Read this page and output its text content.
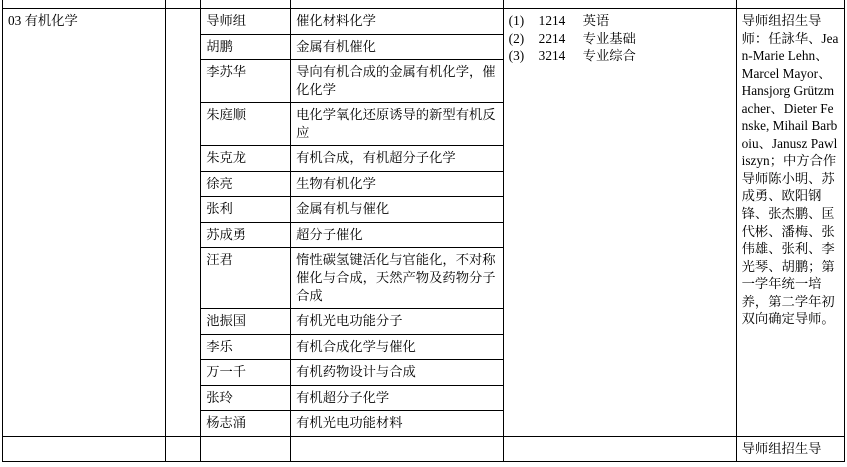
03 有机化学		导师组	催化材料化学	(1) 1214 英语
(2) 2214 专业基础
(3) 3214 专业综合	导师组招生导师：任詠华、Jean-Marie Lehn、 Marcel Mayor、Hansjorg Grützmacher、Dieter Fenske, Mihail Barboiu、Janusz Pawliszyn；中方合作导师陈小明、苏成勇、欧阳钢锋、张杰鹏、匡代彬、潘梅、张伟雄、张利、李光琴、胡鹏；第一学年统一培养，第二学年初双向确定导师。
		胡鹏	金属有机催化		
		李苏华	导向有机合成的金属有机化学，催化化学		
		朱庭顺	电化学氧化还原诱导的新型有机反应		
		朱克龙	有机合成，有机超分子化学		
		徐亮	生物有机化学		
		张利	金属有机与催化		
		苏成勇	超分子催化		
		汪君	惰性碳氢键活化与官能化，不对称催化与合成，天然产物及药物分子合成		
		池振国	有机光电功能分子		
		李乐	有机合成化学与催化		
		万一千	有机药物设计与合成		
		张玲	有机超分子化学		
		杨志涌	有机光电功能材料		
					导师组招生导
